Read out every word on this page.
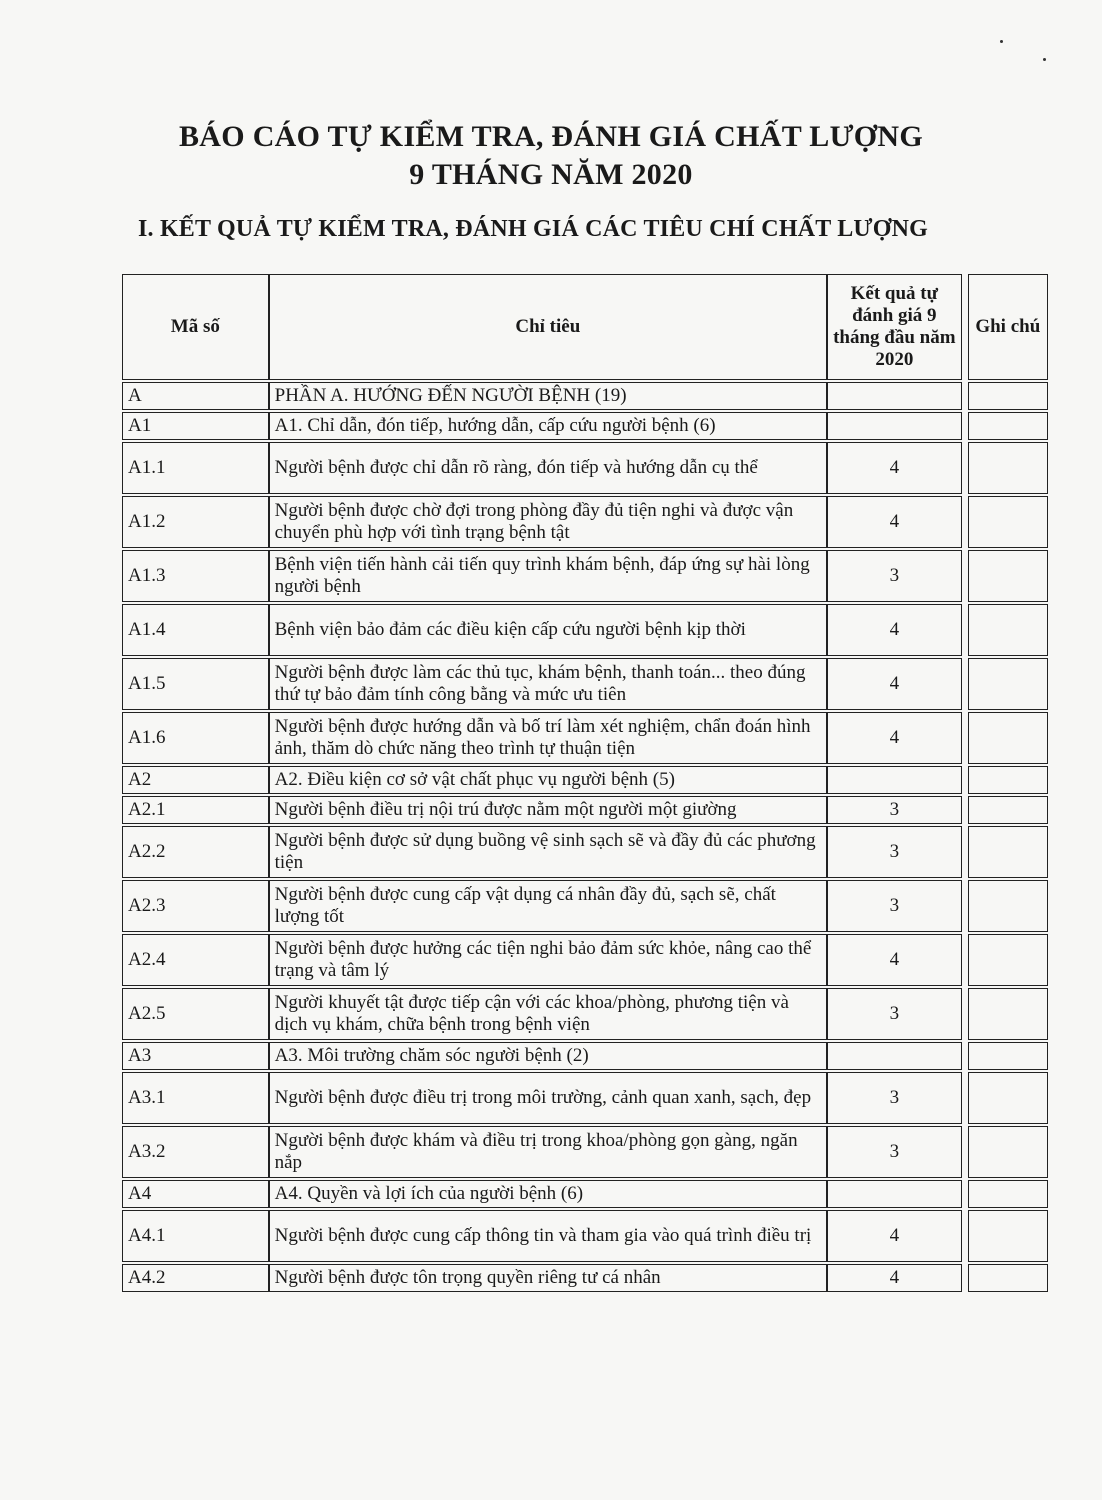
BÁO CÁO TỰ KIỂM TRA, ĐÁNH GIÁ CHẤT LƯỢNG
9 THÁNG NĂM 2020
I. KẾT QUẢ TỰ KIỂM TRA, ĐÁNH GIÁ CÁC TIÊU CHÍ CHẤT LƯỢNG
Mã số	Chỉ tiêu	Kết quả tự đánh giá 9 tháng đầu năm 2020		Ghi chú
A	PHẦN A. HƯỚNG ĐẾN NGƯỜI BỆNH (19)			
A1	A1. Chỉ dẫn, đón tiếp, hướng dẫn, cấp cứu người bệnh (6)			
A1.1	Người bệnh được chỉ dẫn rõ ràng, đón tiếp và hướng dẫn cụ thể	4		
A1.2	Người bệnh được chờ đợi trong phòng đầy đủ tiện nghi và được vận chuyển phù hợp với tình trạng bệnh tật	4		
A1.3	Bệnh viện tiến hành cải tiến quy trình khám bệnh, đáp ứng sự hài lòng người bệnh	3		
A1.4	Bệnh viện bảo đảm các điều kiện cấp cứu người bệnh kịp thời	4		
A1.5	Người bệnh được làm các thủ tục, khám bệnh, thanh toán... theo đúng thứ tự bảo đảm tính công bằng và mức ưu tiên	4		
A1.6	Người bệnh được hướng dẫn và bố trí làm xét nghiệm, chẩn đoán hình ảnh, thăm dò chức năng theo trình tự thuận tiện	4		
A2	A2. Điều kiện cơ sở vật chất phục vụ người bệnh (5)			
A2.1	Người bệnh điều trị nội trú được nằm một người một giường	3		
A2.2	Người bệnh được sử dụng buồng vệ sinh sạch sẽ và đầy đủ các phương tiện	3		
A2.3	Người bệnh được cung cấp vật dụng cá nhân đầy đủ, sạch sẽ, chất lượng tốt	3		
A2.4	Người bệnh được hưởng các tiện nghi bảo đảm sức khỏe, nâng cao thể trạng và tâm lý	4		
A2.5	Người khuyết tật được tiếp cận với các khoa/phòng, phương tiện và dịch vụ khám, chữa bệnh trong bệnh viện	3		
A3	A3. Môi trường chăm sóc người bệnh (2)			
A3.1	Người bệnh được điều trị trong môi trường, cảnh quan xanh, sạch, đẹp	3		
A3.2	Người bệnh được khám và điều trị trong khoa/phòng gọn gàng, ngăn nắp	3		
A4	A4. Quyền và lợi ích của người bệnh (6)			
A4.1	Người bệnh được cung cấp thông tin và tham gia vào quá trình điều trị	4		
A4.2	Người bệnh được tôn trọng quyền riêng tư cá nhân	4		
